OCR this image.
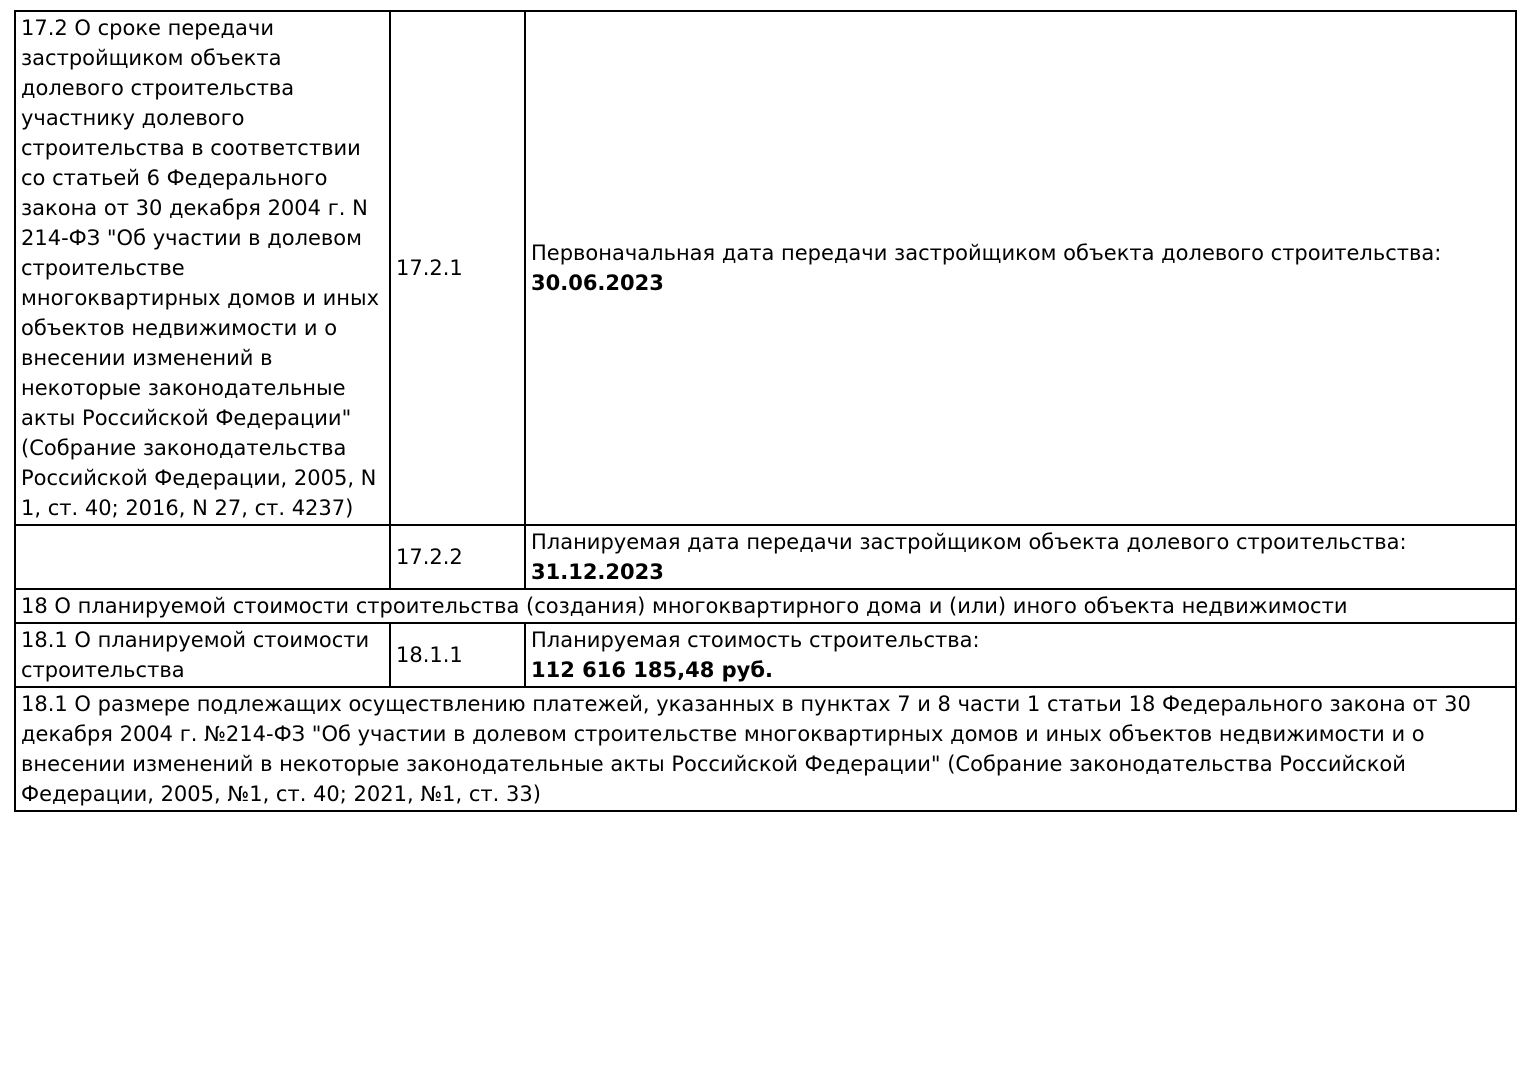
17.2 О сроке передачи застройщиком объекта долевого строительства участнику долевого строительства в соответствии со статьей 6 Федерального закона от 30 декабря 2004 г. N 214-ФЗ "Об участии в долевом строительстве многоквартирных домов и иных объектов недвижимости и о внесении изменений в некоторые законодательные акты Российской Федерации" (Собрание законодательства Российской Федерации, 2005, N 1, ст. 40; 2016, N 27, ст. 4237)	17.2.1	Первоначальная дата передачи застройщиком объекта долевого строительства:
30.06.2023

	17.2.2	Планируемая дата передачи застройщиком объекта долевого строительства:
31.12.2023

18 О планируемой стоимости строительства (создания) многоквартирного дома и (или) иного объекта недвижимости		
18.1 О планируемой стоимости строительства	18.1.1	Планируемая стоимость строительства:
112 616 185,48 руб.

18.1 О размере подлежащих осуществлению платежей, указанных в пунктах 7 и 8 части 1 статьи 18 Федерального закона от 30 декабря 2004 г. №214-ФЗ "Об участии в долевом строительстве многоквартирных домов и иных объектов недвижимости и о внесении изменений в некоторые законодательные акты Российской Федерации" (Собрание законодательства Российской Федерации, 2005, №1, ст. 40; 2021, №1, ст. 33)		
